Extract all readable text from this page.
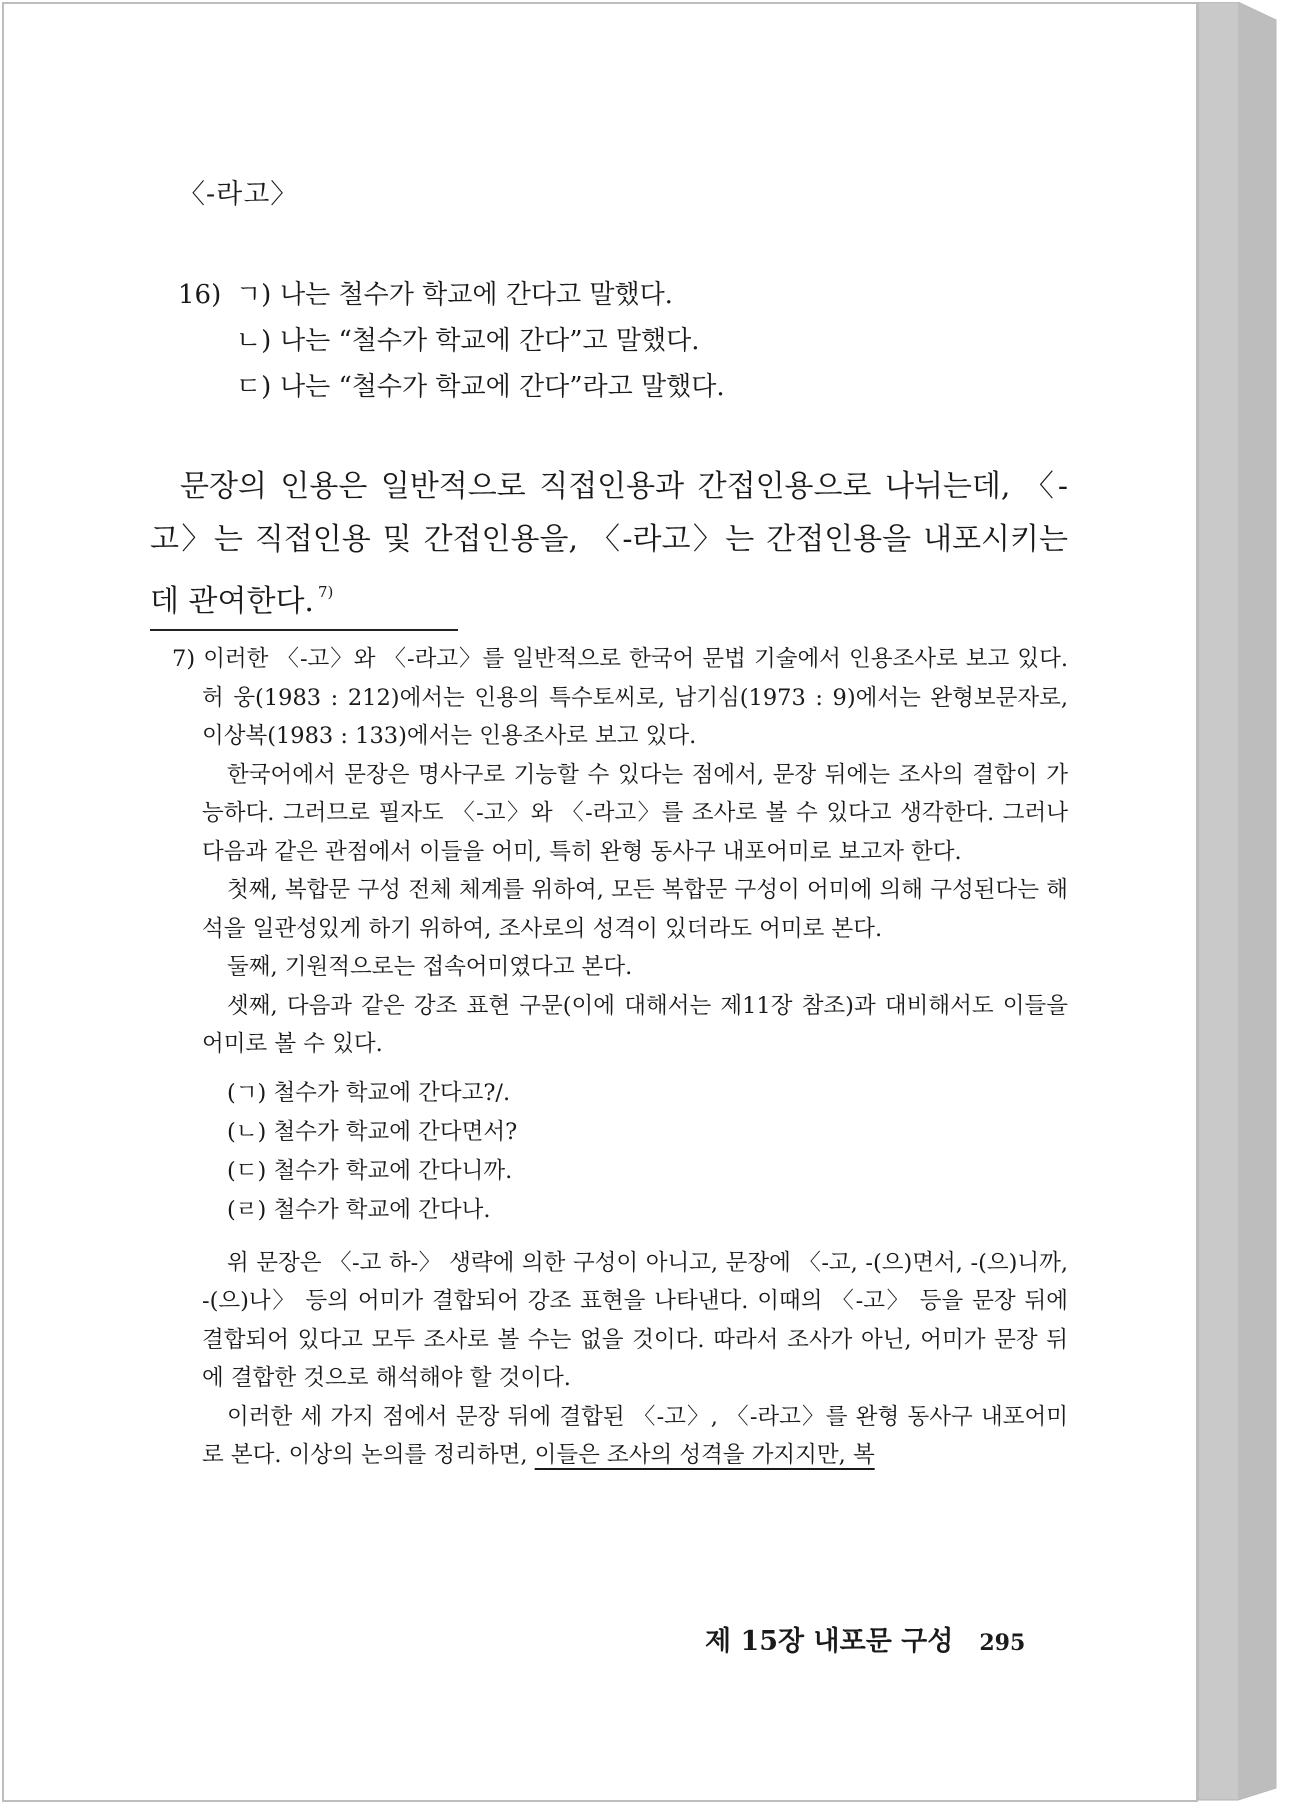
〈-라고〉
16) ㄱ) 나는 철수가 학교에 간다고 말했다.
ㄴ) 나는 “철수가 학교에 간다”고 말했다.
ㄷ) 나는 “철수가 학교에 간다”라고 말했다.
문장의 인용은 일반적으로 직접인용과 간접인용으로 나뉘는데, 〈-고〉는 직접인용 및 간접인용을, 〈-라고〉는 간접인용을 내포시키는데 관여한다. $^{7)}$

7) 이러한 〈-고〉와 〈-라고〉를 일반적으로 한국어 문법 기술에서 인용조사로 보고 있다. 허 웅(1983 : 212)에서는 인용의 특수토씨로, 남기심(1973 : 9)에서는 완형보문자로, 이상복(1983 : 133)에서는 인용조사로 보고 있다.

한국어에서 문장은 명사구로 기능할 수 있다는 점에서, 문장 뒤에는 조사의 결합이 가능하다. 그러므로 필자도 〈-고〉와 〈-라고〉를 조사로 볼 수 있다고 생각한다. 그러나 다음과 같은 관점에서 이들을 어미, 특히 완형 동사구 내포어미로 보고자 한다.

첫째, 복합문 구성 전체 체계를 위하여, 모든 복합문 구성이 어미에 의해 구성된다는 해석을 일관성있게 하기 위하여, 조사로의 성격이 있더라도 어미로 본다.

둘째, 기원적으로는 접속어미였다고 본다.

셋째, 다음과 같은 강조 표현 구문(이에 대해서는 제11장 참조)과 대비해서도 이들을 어미로 볼 수 있다.

(ㄱ) 철수가 학교에 간다고?/.
(ㄴ) 철수가 학교에 간다면서?
(ㄷ) 철수가 학교에 간다니까.
(ㄹ) 철수가 학교에 간다나.

위 문장은 〈-고 하-〉 생략에 의한 구성이 아니고, 문장에 〈-고, -(으)면서, -(으)니까, -(으)나〉 등의 어미가 결합되어 강조 표현을 나타낸다. 이때의 〈-고〉 등을 문장 뒤에 결합되어 있다고 모두 조사로 볼 수는 없을 것이다. 따라서 조사가 아닌, 어미가 문장 뒤에 결합한 것으로 해석해야 할 것이다.

이러한 세 가지 점에서 문장 뒤에 결합된 〈-고〉, 〈-라고〉를 완형 동사구 내포어미로 본다. 이상의 논의를 정리하면, 이들은 조사의 성격을 가지지만, 복

제 15장 내포문 구성 295
